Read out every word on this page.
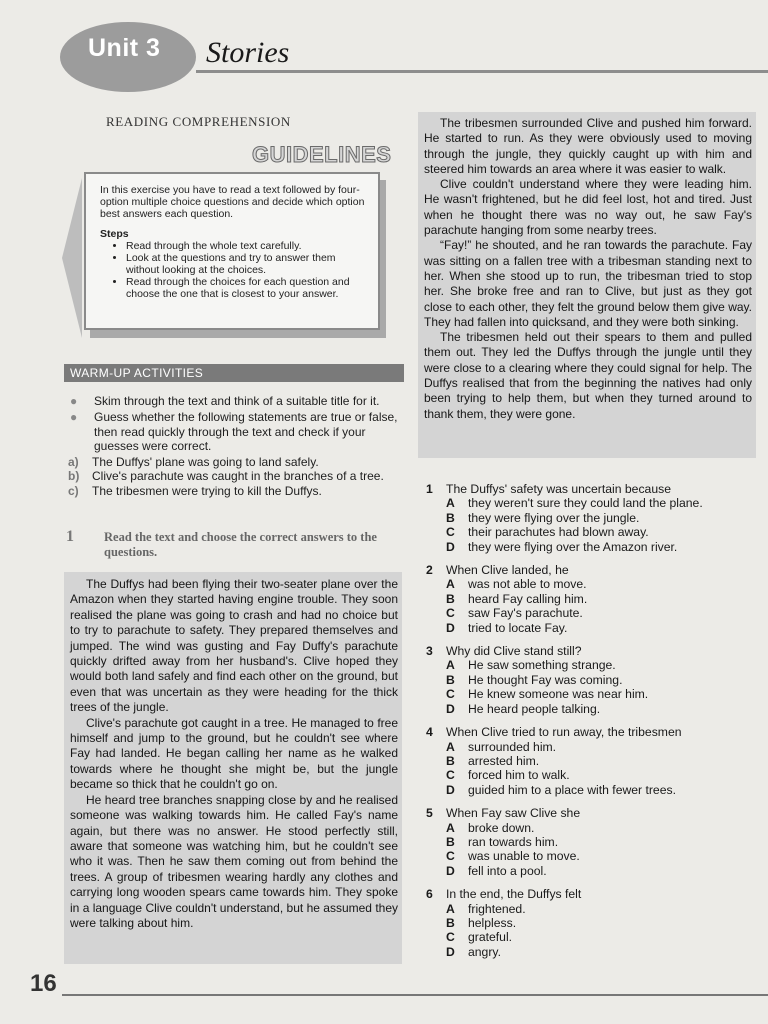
Unit 3 Stories
READING COMPREHENSION
GUIDELINES

In this exercise you have to read a text followed by four-option multiple choice questions and decide which option best answers each question.

Steps

• Read through the whole text carefully.
• Look at the questions and try to answer them without looking at the choices.
• Read through the choices for each question and choose the one that is closest to your answer.
WARM-UP ACTIVITIES
●	Skim through the text and think of a suitable title for it.
●	Guess whether the following statements are true or false, then read quickly through the text and check if your guesses were correct.
a)	The Duffys' plane was going to land safely.
b)	Clive's parachute was caught in the branches of a tree.
c)	The tribesmen were trying to kill the Duffys.
1 Read the text and choose the correct answers to the questions.

The Duffys had been flying their two-seater plane over the Amazon when they started having engine trouble. They soon realised the plane was going to crash and had no choice but to try to parachute to safety. They prepared themselves and jumped. The wind was gusting and Fay Duffy's parachute quickly drifted away from her husband's. Clive hoped they would both land safely and find each other on the ground, but even that was uncertain as they were heading for the thick trees of the jungle.

Clive's parachute got caught in a tree. He managed to free himself and jump to the ground, but he couldn't see where Fay had landed. He began calling her name as he walked towards where he thought she might be, but the jungle became so thick that he couldn't go on.

He heard tree branches snapping close by and he realised someone was walking towards him. He called Fay's name again, but there was no answer. He stood perfectly still, aware that someone was watching him, but he couldn't see who it was. Then he saw them coming out from behind the trees. A group of tribesmen wearing hardly any clothes and carrying long wooden spears came towards him. They spoke in a language Clive couldn't understand, but he assumed they were talking about him.

The tribesmen surrounded Clive and pushed him forward. He started to run. As they were obviously used to moving through the jungle, they quickly caught up with him and steered him towards an area where it was easier to walk.

Clive couldn't understand where they were leading him. He wasn't frightened, but he did feel lost, hot and tired. Just when he thought there was no way out, he saw Fay's parachute hanging from some nearby trees.

“Fay!” he shouted, and he ran towards the parachute. Fay was sitting on a fallen tree with a tribesman standing next to her. When she stood up to run, the tribesman tried to stop her. She broke free and ran to Clive, but just as they got close to each other, they felt the ground below them give way. They had fallen into quicksand, and they were both sinking.

The tribesmen held out their spears to them and pulled them out. They led the Duffys through the jungle until they were close to a clearing where they could signal for help. The Duffys realised that from the beginning the natives had only been trying to help them, but when they turned around to thank them, they were gone.

1	The Duffys' safety was uncertain because
A	they weren't sure they could land the plane.
B	they were flying over the jungle.
C	their parachutes had blown away.
D	they were flying over the Amazon river.
2	When Clive landed, he
A	was not able to move.
B	heard Fay calling him.
C	saw Fay's parachute.
D	tried to locate Fay.
3	Why did Clive stand still?
A	He saw something strange.
B	He thought Fay was coming.
C	He knew someone was near him.
D	He heard people talking.
4	When Clive tried to run away, the tribesmen
A	surrounded him.
B	arrested him.
C	forced him to walk.
D	guided him to a place with fewer trees.
5	When Fay saw Clive she
A	broke down.
B	ran towards him.
C	was unable to move.
D	fell into a pool.
6	In the end, the Duffys felt
A	frightened.
B	helpless.
C	grateful.
D	angry.
16
